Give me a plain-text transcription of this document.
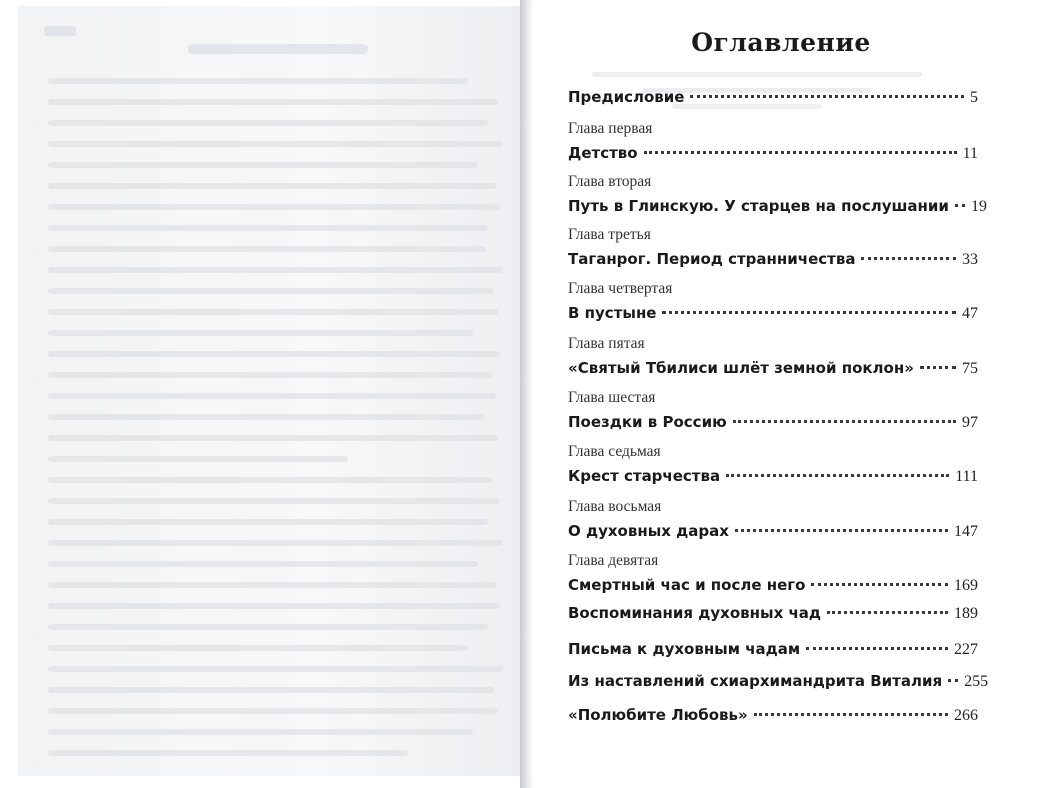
Оглавление
Предисловие	5
Глава первая
Детство	11
Глава вторая
Путь в Глинскую. У старцев на послушании 19
Глава третья
Таганрог. Период странничества	33
Глава четвертая
В пустыне	47
Глава пятая
«Святый Тбилиси шлёт земной поклон»	75
Глава шестая
Поездки в Россию	97
Глава седьмая
Крест старчества	111
Глава восьмая
О духовных дарах	147
Глава девятая
Смертный час и после него	169
Воспоминания духовных чад	189
Письма к духовным чадам	227
Из наставлений схиархимандрита Виталия 255
«Полюбите Любовь»	266
